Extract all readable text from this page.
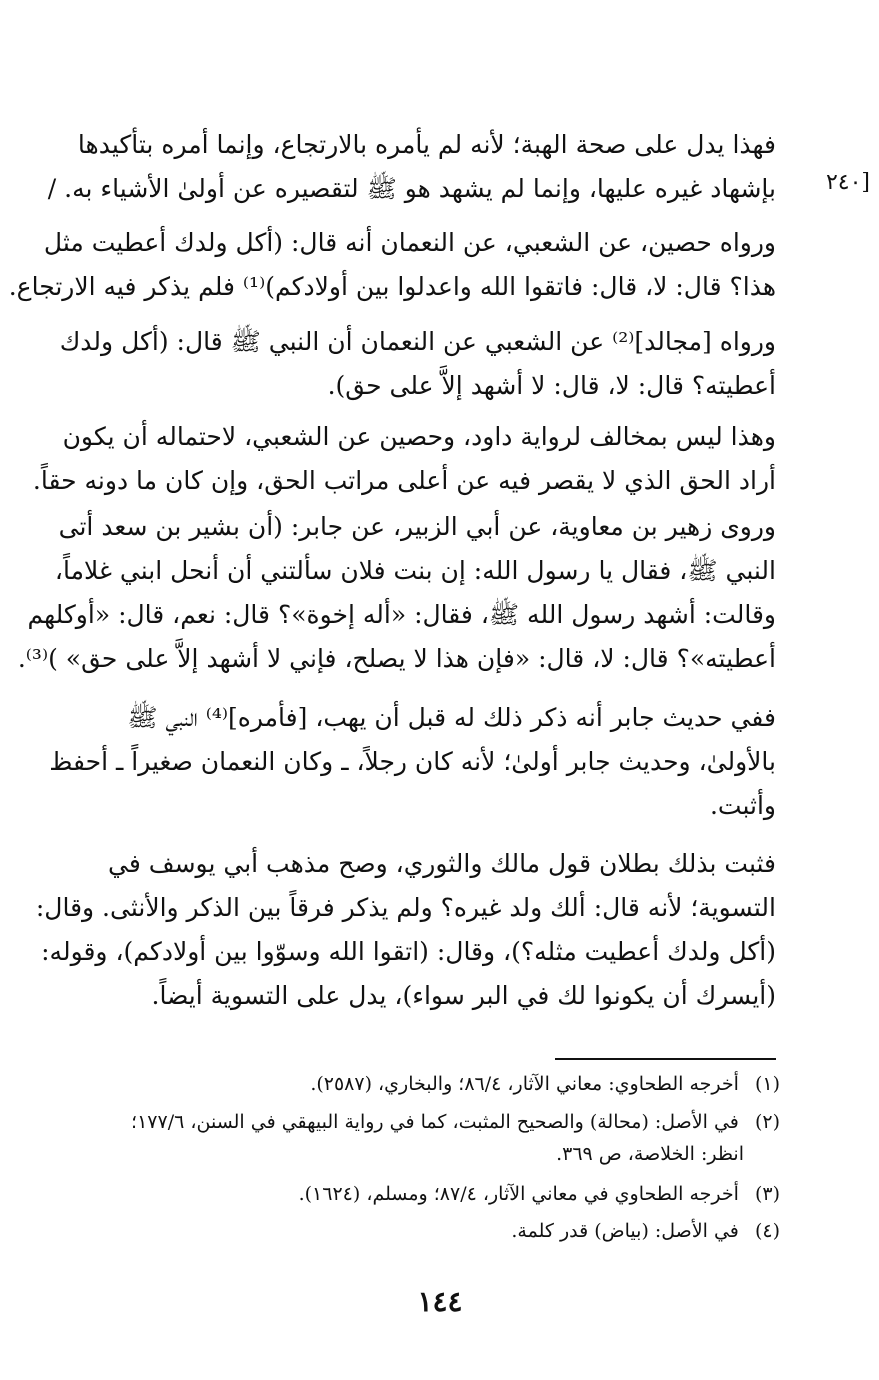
[٢٤٠
فهذا يدل على صحة الهبة؛ لأنه لم يأمره بالارتجاع، وإنما أمره بتأكيدها
بإشهاد غيره عليها، وإنما لم يشهد هو ﷺ لتقصيره عن أولىٰ الأشياء به. /
ورواه حصين، عن الشعبي، عن النعمان أنه قال: (أكل ولدك أعطيت مثل
هذا؟ قال: لا، قال: فاتقوا الله واعدلوا بين أولادكم)⁽¹⁾ فلم يذكر فيه الارتجاع.
ورواه [مجالد]⁽²⁾ عن الشعبي عن النعمان أن النبي ﷺ قال: (أكل ولدك
أعطيته؟ قال: لا، قال: لا أشهد إلاَّ على حق).
وهذا ليس بمخالف لرواية داود، وحصين عن الشعبي، لاحتماله أن يكون
أراد الحق الذي لا يقصر فيه عن أعلى مراتب الحق، وإن كان ما دونه حقاً.
وروى زهير بن معاوية، عن أبي الزبير، عن جابر: (أن بشير بن سعد أتى
النبي ﷺ، فقال يا رسول الله: إن بنت فلان سألتني أن أنحل ابني غلاماً،
وقالت: أشهد رسول الله ﷺ، فقال: «أله إخوة»؟ قال: نعم، قال: «أوكلهم
أعطيته»؟ قال: لا، قال: «فإن هذا لا يصلح، فإني لا أشهد إلاَّ على حق» )⁽³⁾.
ففي حديث جابر أنه ذكر ذلك له قبل أن يهب، [فأمره]⁽⁴⁾ النبي ﷺ
بالأولىٰ، وحديث جابر أولىٰ؛ لأنه كان رجلاً، ـ وكان النعمان صغيراً ـ أحفظ
وأثبت.
فثبت بذلك بطلان قول مالك والثوري، وصح مذهب أبي يوسف في
التسوية؛ لأنه قال: ألك ولد غيره؟ ولم يذكر فرقاً بين الذكر والأنثى. وقال:
(أكل ولدك أعطيت مثله؟)، وقال: (اتقوا الله وسوّوا بين أولادكم)، وقوله:
(أيسرك أن يكونوا لك في البر سواء)، يدل على التسوية أيضاً.
(١) أخرجه الطحاوي: معاني الآثار، ٨٦/٤؛ والبخاري، (٢٥٨٧).
(٢) في الأصل: (محالة) والصحيح المثبت، كما في رواية البيهقي في السنن، ١٧٧/٦؛
انظر: الخلاصة، ص ٣٦٩.
(٣) أخرجه الطحاوي في معاني الآثار، ٨٧/٤؛ ومسلم، (١٦٢٤).
(٤) في الأصل: (بياض) قدر كلمة.
١٤٤
